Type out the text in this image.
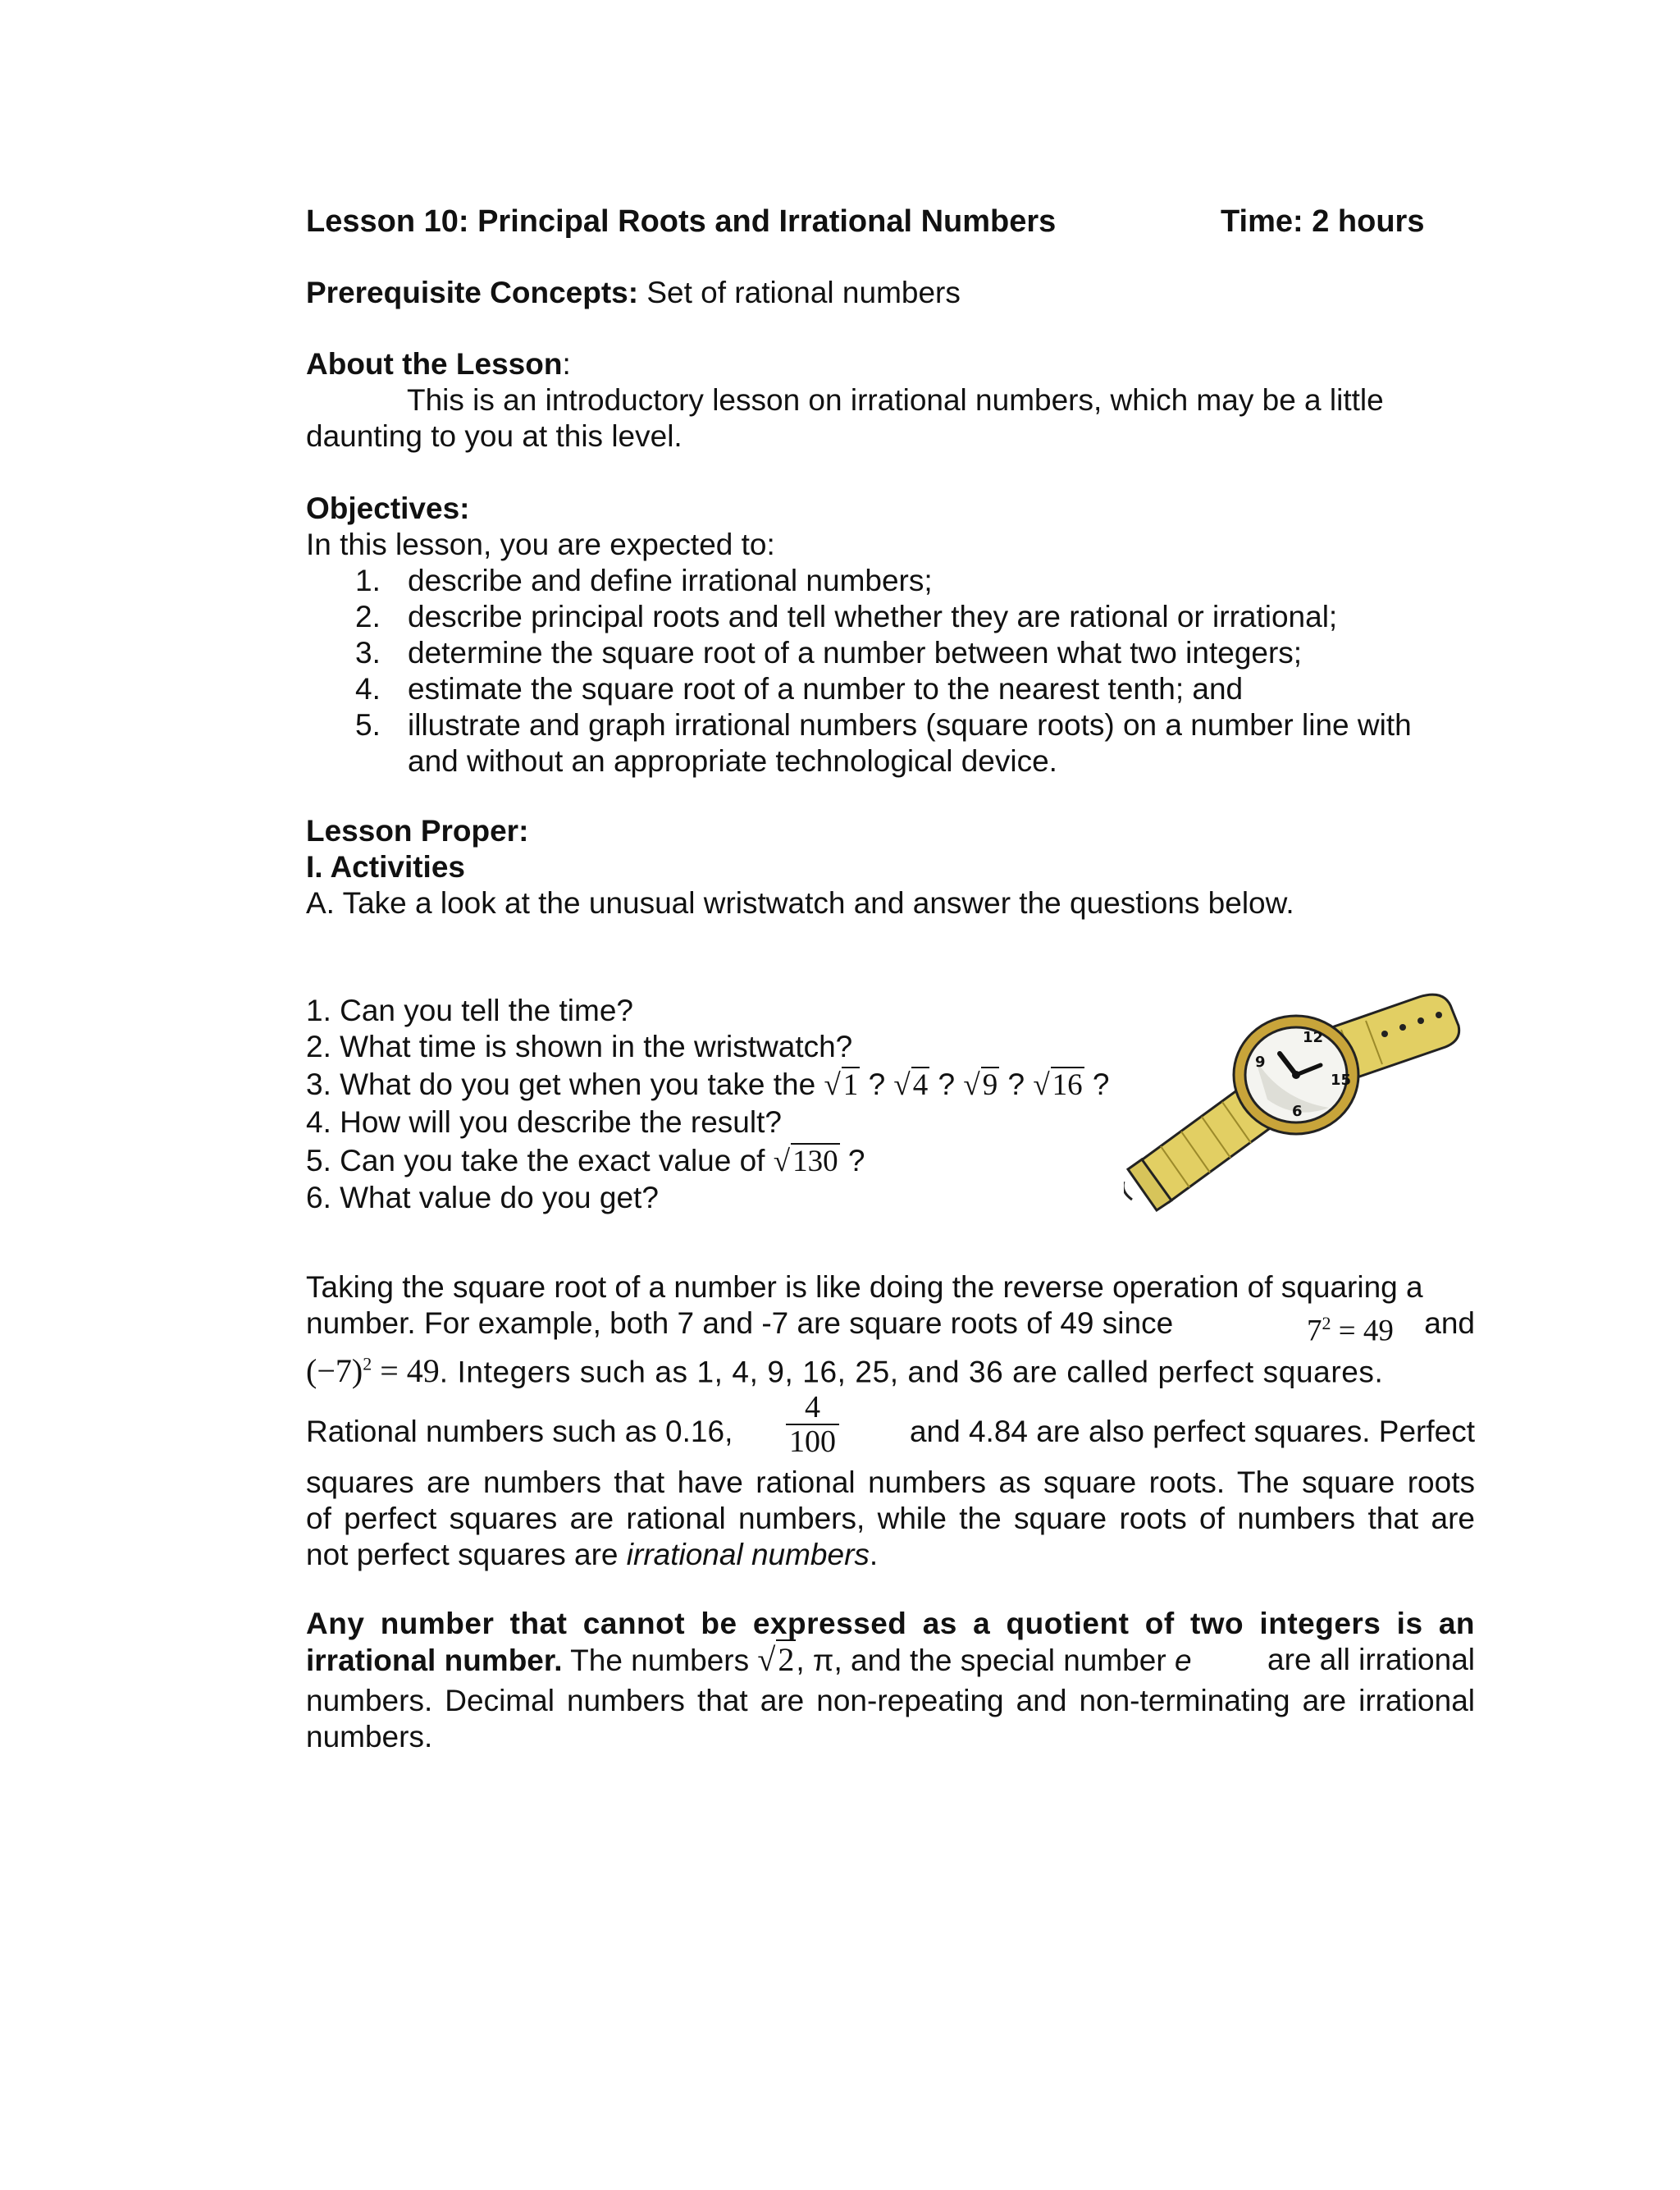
Lesson 10: Principal Roots and Irrational Numbers	Time: 2 hours
Prerequisite Concepts: Set of rational numbers
About the Lesson:
This is an introductory lesson on irrational numbers, which may be a little
daunting to you at this level.
Objectives:
In this lesson, you are expected to:
1. describe and define irrational numbers;
2. describe principal roots and tell whether they are rational or irrational;
3. determine the square root of a number between what two integers;
4. estimate the square root of a number to the nearest tenth; and
5. illustrate and graph irrational numbers (square roots) on a number line with
and without an appropriate technological device.
Lesson Proper:
I. Activities
A. Take a look at the unusual wristwatch and answer the questions below.
1. Can you tell the time?
2. What time is shown in the wristwatch?
3. What do you get when you take the √1 ? √4 ? √9 ? √16 ?
4. How will you describe the result?
5. Can you take the exact value of √130 ?
6. What value do you get?
Taking the square root of a number is like doing the reverse operation of squaring a
number. For example, both 7 and -7 are square roots of 49 since	$7^2 = 49$ and
$(-7)^2 = 49$. Integers such as 1, 4, 9, 16, 25, and 36 are called perfect squares.
Rational numbers such as 0.16, $\frac{4}{100}$ and 4.84 are also perfect squares. Perfect
squares are numbers that have rational numbers as square roots. The square roots
of perfect squares are rational numbers, while the square roots of numbers that are
not perfect squares are irrational numbers.
Any number that cannot be expressed as a quotient of two integers is an
irrational number. The numbers √2, π, and the special number e	are all irrational
numbers. Decimal numbers that are non-repeating and non-terminating are irrational
numbers.
12
15
6
9
